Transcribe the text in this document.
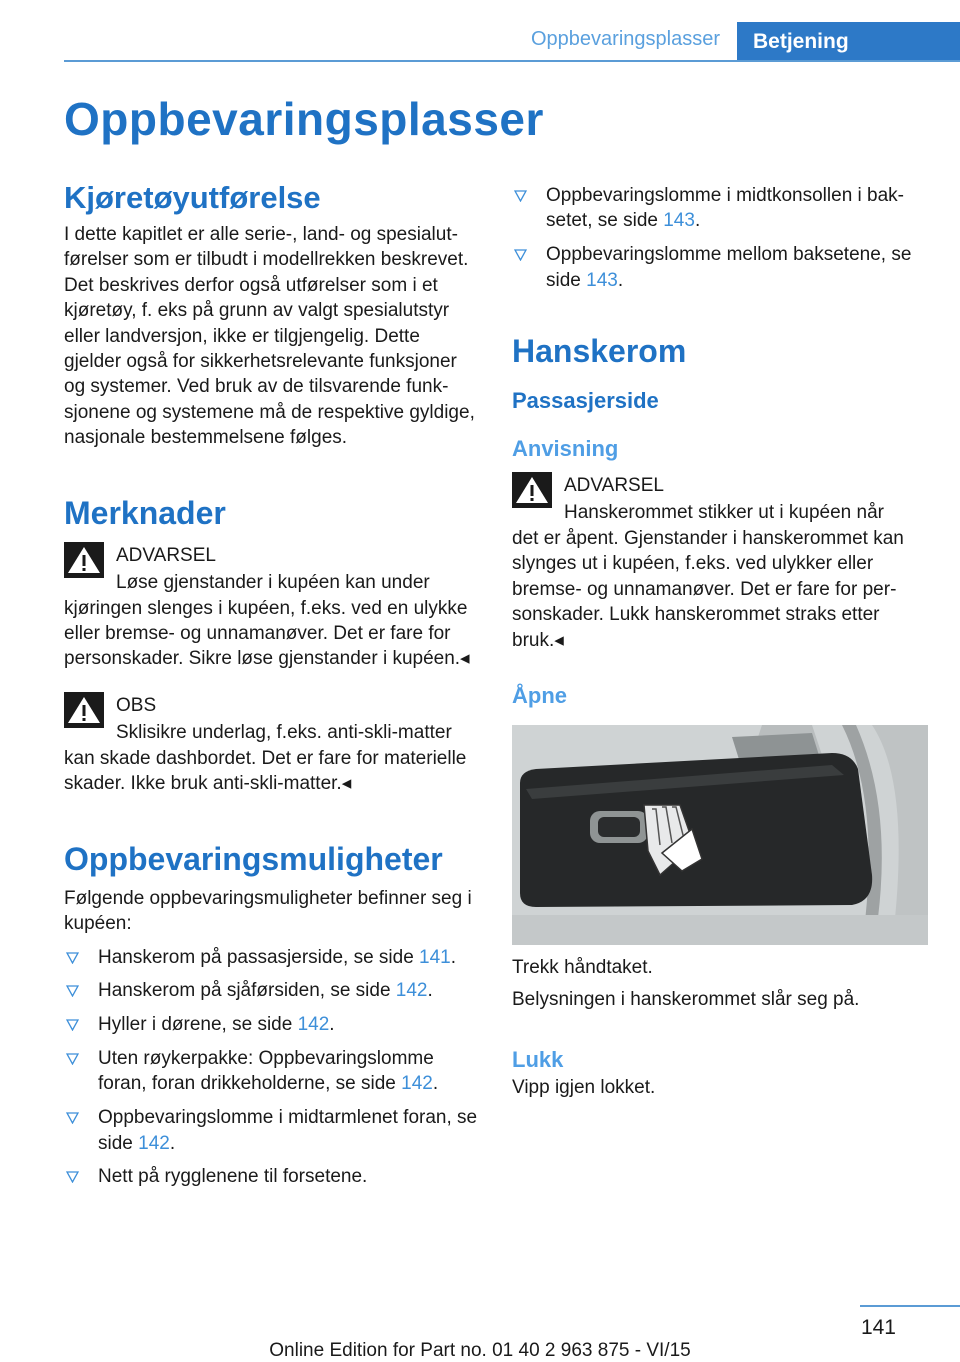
Oppbevaringsplasser	Betjening
Oppbevaringsplasser
Kjøretøyutførelse

I dette kapitlet er alle serie-, land- og spesialutførelser som er tilbudt i modellrekken beskrevet. Det beskrives derfor også utførelser som i et kjøretøy, f. eks på grunn av valgt spesialutstyr eller landversjon, ikke er tilgjengelig. Dette gjelder også for sikkerhetsrelevante funksjoner og systemer. Ved bruk av de tilsvarende funksjonene og systemene må de respektive gyldige, nasjonale bestemmelsene følges.

Merknader
ADVARSEL
Løse gjenstander i kupéen kan under
kjøringen slenges i kupéen, f.eks. ved en ulykke eller bremse- og unnamanøver. Det er fare for personskader. Sikre løse gjenstander i kupéen.◂
OBS
Sklisikre underlag, f.eks. anti-skli-matter
kan skade dashbordet. Det er fare for materielle skader. Ikke bruk anti-skli-matter.◂
Oppbevaringsmuligheter

Følgende oppbevaringsmuligheter befinner seg i kupéen:

Hanskerom på passasjerside, se side 141.
Hanskerom på sjåførsiden, se side 142.
Hyller i dørene, se side 142.
Uten røykerpakke: Oppbevaringslomme foran, foran drikkeholderne, se side 142.
Oppbevaringslomme i midtarmlenet foran, se side 142.
Nett på rygglenene til forsetene.
Oppbevaringslomme i midtkonsollen i baksetet, se side 143.
Oppbevaringslomme mellom baksetene, se side 143.
Hanskerom
Passasjerside
Anvisning
ADVARSEL
Hanskerommet stikker ut i kupéen når
det er åpent. Gjenstander i hanskerommet kan slynges ut i kupéen, f.eks. ved ulykker eller bremse- og unnamanøver. Det er fare for personskader. Lukk hanskerommet straks etter bruk.◂
Åpne

Trekk håndtaket.

Belysningen i hanskerommet slår seg på.

Lukk

Vipp igjen lokket.

141
Online Edition for Part no. 01 40 2 963 875 - VI/15
